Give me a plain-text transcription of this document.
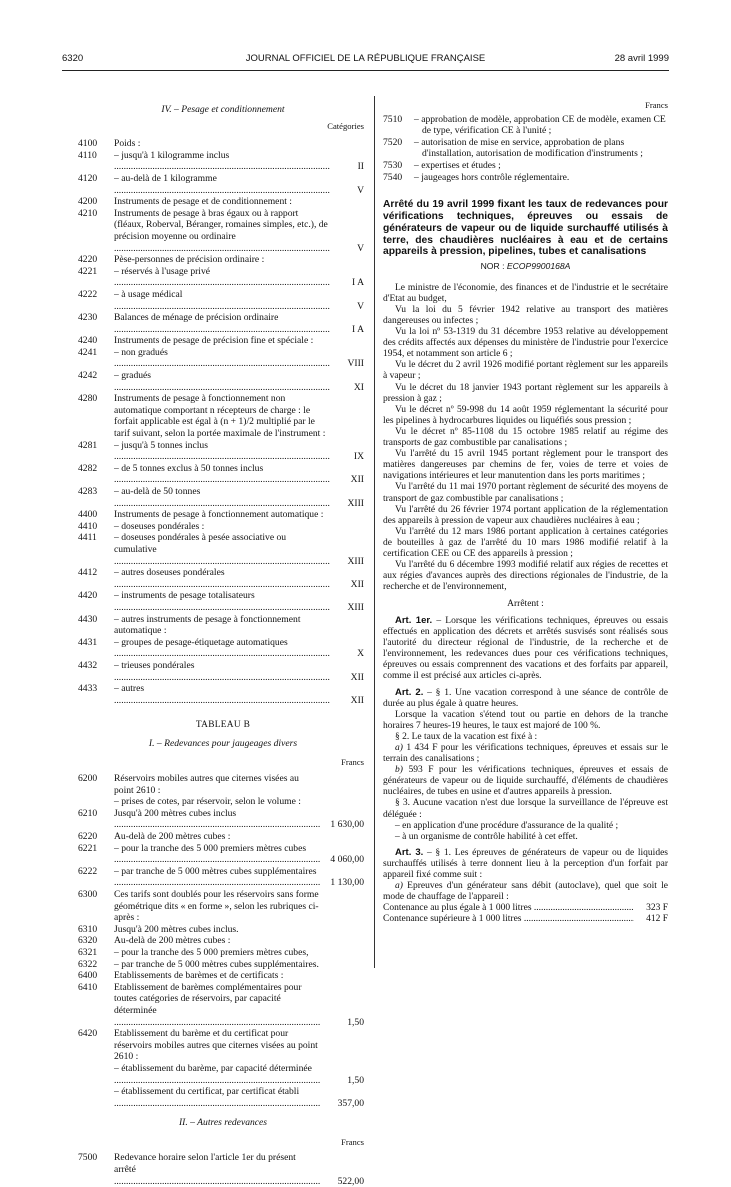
6320	JOURNAL OFFICIEL DE LA RÉPUBLIQUE FRANÇAISE	28 avril 1999
IV. – Pesage et conditionnement
Catégories
4100	Poids :
4110	– jusqu'à 1 kilogramme inclus .....
II
4120	– au-delà de 1 kilogramme .....
V
4200	Instruments de pesage et de conditionnement :
4210	Instruments de pesage à bras égaux ou à rapport (fléaux, Roberval, Béranger, romaines simples, etc.), de précision moyenne ou ordinaire .....
V
4220	Pèse-personnes de précision ordinaire :
4221	– réservés à l'usage privé .....
I A
4222	– à usage médical .....
V
4230	Balances de ménage de précision ordinaire .....
I A
4240	Instruments de pesage de précision fine et spéciale :
4241	– non gradués .....
VIII
4242	– gradués .....
XI
4280	Instruments de pesage à fonctionnement non automatique comportant n récepteurs de charge : le forfait applicable est égal à (n + 1)/2 multiplié par le tarif suivant, selon la portée maximale de l'instrument :
4281	– jusqu'à 5 tonnes inclus .....
IX
4282	– de 5 tonnes exclus à 50 tonnes inclus .....
XII
4283	– au-delà de 50 tonnes .....
XIII
4400	Instruments de pesage à fonctionnement automatique :
4410	– doseuses pondérales :
4411	– doseuses pondérales à pesée associative ou cumulative .....
XIII
4412	– autres doseuses pondérales .....
XII
4420	– instruments de pesage totalisateurs .....
XIII
4430	– autres instruments de pesage à fonctionnement automatique :
4431	– groupes de pesage-étiquetage automatiques .....
X
4432	– trieuses pondérales .....
XII
4433	– autres .....
XII
TABLEAU B
I. – Redevances pour jaugeages divers
Francs
6200	Réservoirs mobiles autres que citernes visées au point 2610 :
– prises de cotes, par réservoir, selon le volume :
6210	Jusqu'à 200 mètres cubes inclus .....
1 630,00
6220	Au-delà de 200 mètres cubes :
6221	– pour la tranche des 5 000 premiers mètres cubes .....
4 060,00
6222	– par tranche de 5 000 mètres cubes supplémentaires .....
1 130,00
6300	Ces tarifs sont doublés pour les réservoirs sans forme géométrique dits « en forme », selon les rubriques ci-après :
6310	Jusqu'à 200 mètres cubes inclus.
6320	Au-delà de 200 mètres cubes :
6321	– pour la tranche des 5 000 premiers mètres cubes,
6322	– par tranche de 5 000 mètres cubes supplémentaires.
6400	Etablissements de barèmes et de certificats :
6410	Etablissement de barèmes complémentaires pour toutes catégories de réservoirs, par capacité déterminée .....
1,50
6420	Etablissement du barème et du certificat pour réservoirs mobiles autres que citernes visées au point 2610 :
– établissement du barème, par capacité déterminée .....
1,50
– établissement du certificat, par certificat établi .....
357,00
II. – Autres redevances
Francs
7500	Redevance horaire selon l'article 1er du présent arrêté .....
522,00
Francs
7510 – approbation de modèle, approbation CE de modèle, examen CE de type, vérification CE à l'unité ;
7520 – autorisation de mise en service, approbation de plans d'installation, autorisation de modification d'instruments ;
7530 – expertises et études ;
7540 – jaugeages hors contrôle réglementaire.
Arrêté du 19 avril 1999 fixant les taux de redevances pour vérifications techniques, épreuves ou essais de générateurs de vapeur ou de liquide surchauffé utilisés à terre, des chaudières nucléaires à eau et de certains appareils à pression, pipelines, tubes et canalisations
NOR : ECOP9900168A

Le ministre de l'économie, des finances et de l'industrie et le secrétaire d'Etat au budget,

Vu la loi du 5 février 1942 relative au transport des matières dangereuses ou infectes ;

Vu la loi nº 53-1319 du 31 décembre 1953 relative au développement des crédits affectés aux dépenses du ministère de l'industrie pour l'exercice 1954, et notamment son article 6 ;

Vu le décret du 2 avril 1926 modifié portant règlement sur les appareils à vapeur ;

Vu le décret du 18 janvier 1943 portant règlement sur les appareils à pression à gaz ;

Vu le décret nº 59-998 du 14 août 1959 réglementant la sécurité pour les pipelines à hydrocarbures liquides ou liquéfiés sous pression ;

Vu le décret nº 85-1108 du 15 octobre 1985 relatif au régime des transports de gaz combustible par canalisations ;

Vu l'arrêté du 15 avril 1945 portant règlement pour le transport des matières dangereuses par chemins de fer, voies de terre et voies de navigations intérieures et leur manutention dans les ports maritimes ;

Vu l'arrêté du 11 mai 1970 portant règlement de sécurité des moyens de transport de gaz combustible par canalisations ;

Vu l'arrêté du 26 février 1974 portant application de la réglementation des appareils à pression de vapeur aux chaudières nucléaires à eau ;

Vu l'arrêté du 12 mars 1986 portant application à certaines catégories de bouteilles à gaz de l'arrêté du 10 mars 1986 modifié relatif à la certification CEE ou CE des appareils à pression ;

Vu l'arrêté du 6 décembre 1993 modifié relatif aux régies de recettes et aux régies d'avances auprès des directions régionales de l'industrie, de la recherche et de l'environnement,

Arrêtent :

Art. 1er. – Lorsque les vérifications techniques, épreuves ou essais effectués en application des décrets et arrêtés susvisés sont réalisés sous l'autorité du directeur régional de l'industrie, de la recherche et de l'environnement, les redevances dues pour ces vérifications techniques, épreuves ou essais comprennent des vacations et des forfaits par appareil, comme il est précisé aux articles ci-après.

Art. 2. – § 1. Une vacation correspond à une séance de contrôle de durée au plus égale à quatre heures.

Lorsque la vacation s'étend tout ou partie en dehors de la tranche horaires 7 heures-19 heures, le taux est majoré de 100 %.

§ 2. Le taux de la vacation est fixé à :

a) 1 434 F pour les vérifications techniques, épreuves et essais sur le terrain des canalisations ;

b) 593 F pour les vérifications techniques, épreuves et essais de générateurs de vapeur ou de liquide surchauffé, d'éléments de chaudières nucléaires, de tubes en usine et d'autres appareils à pression.

§ 3. Aucune vacation n'est due lorsque la surveillance de l'épreuve est déléguée :

– en application d'une procédure d'assurance de la qualité ;

– à un organisme de contrôle habilité à cet effet.

Art. 3. – § 1. Les épreuves de générateurs de vapeur ou de liquides surchauffés utilisés à terre donnent lieu à la perception d'un forfait par appareil fixé comme suit :

a) Epreuves d'un générateur sans débit (autoclave), quel que soit le mode de chauffage de l'appareil :

Contenance au plus égale à 1 000 litres .....	323 F
Contenance supérieure à 1 000 litres .....	412 F
